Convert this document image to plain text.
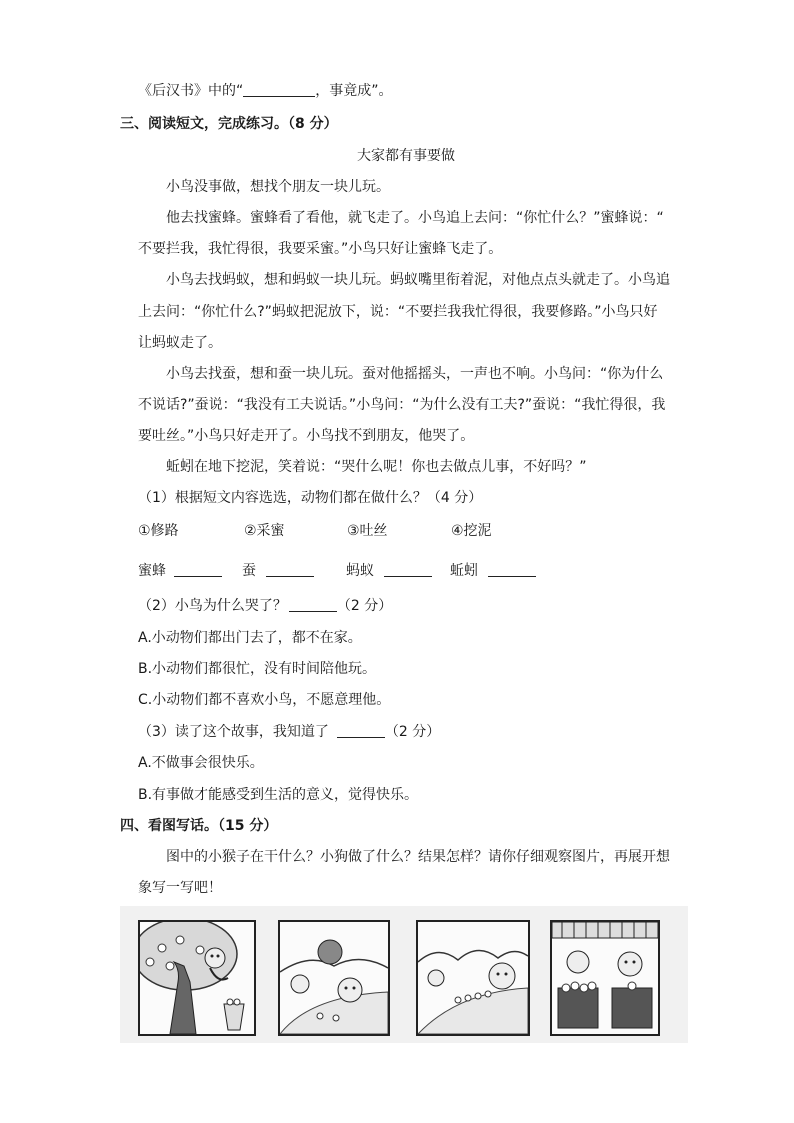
《后汉书》中的“	，事竟成”。
三、阅读短文，完成练习。（8 分）
大家都有事要做
小鸟没事做，想找个朋友一块儿玩。
他去找蜜蜂。蜜蜂看了看他，就飞走了。小鸟追上去问：“你忙什么？”蜜蜂说：“
不要拦我，我忙得很，我要采蜜。”小鸟只好让蜜蜂飞走了。
小鸟去找蚂蚁，想和蚂蚁一块儿玩。蚂蚁嘴里衔着泥，对他点点头就走了。小鸟追
上去问：“你忙什么?”蚂蚁把泥放下，说：“不要拦我我忙得很，我要修路。”小鸟只好
让蚂蚁走了。
小鸟去找蚕，想和蚕一块儿玩。蚕对他摇摇头，一声也不响。小鸟问：“你为什么
不说话?”蚕说：“我没有工夫说话。”小鸟问：“为什么没有工夫?”蚕说：“我忙得很，我
要吐丝。”小鸟只好走开了。小鸟找不到朋友，他哭了。
蚯蚓在地下挖泥，笑着说：“哭什么呢！你也去做点儿事，不好吗？”
（1）根据短文内容选选，动物们都在做什么？（4 分）
①修路	②采蜜	③吐丝	④挖泥
蜜蜂	蚕	蚂蚁	蚯蚓
（2）小鸟为什么哭了？	（2 分）
A.小动物们都出门去了，都不在家。
B.小动物们都很忙，没有时间陪他玩。
C.小动物们都不喜欢小鸟，不愿意理他。
（3）读了这个故事，我知道了	（2 分）
A.不做事会很快乐。
B.有事做才能感受到生活的意义，觉得快乐。
四、看图写话。（15 分）
图中的小猴子在干什么？小狗做了什么？结果怎样？请你仔细观察图片，再展开想
象写一写吧！
